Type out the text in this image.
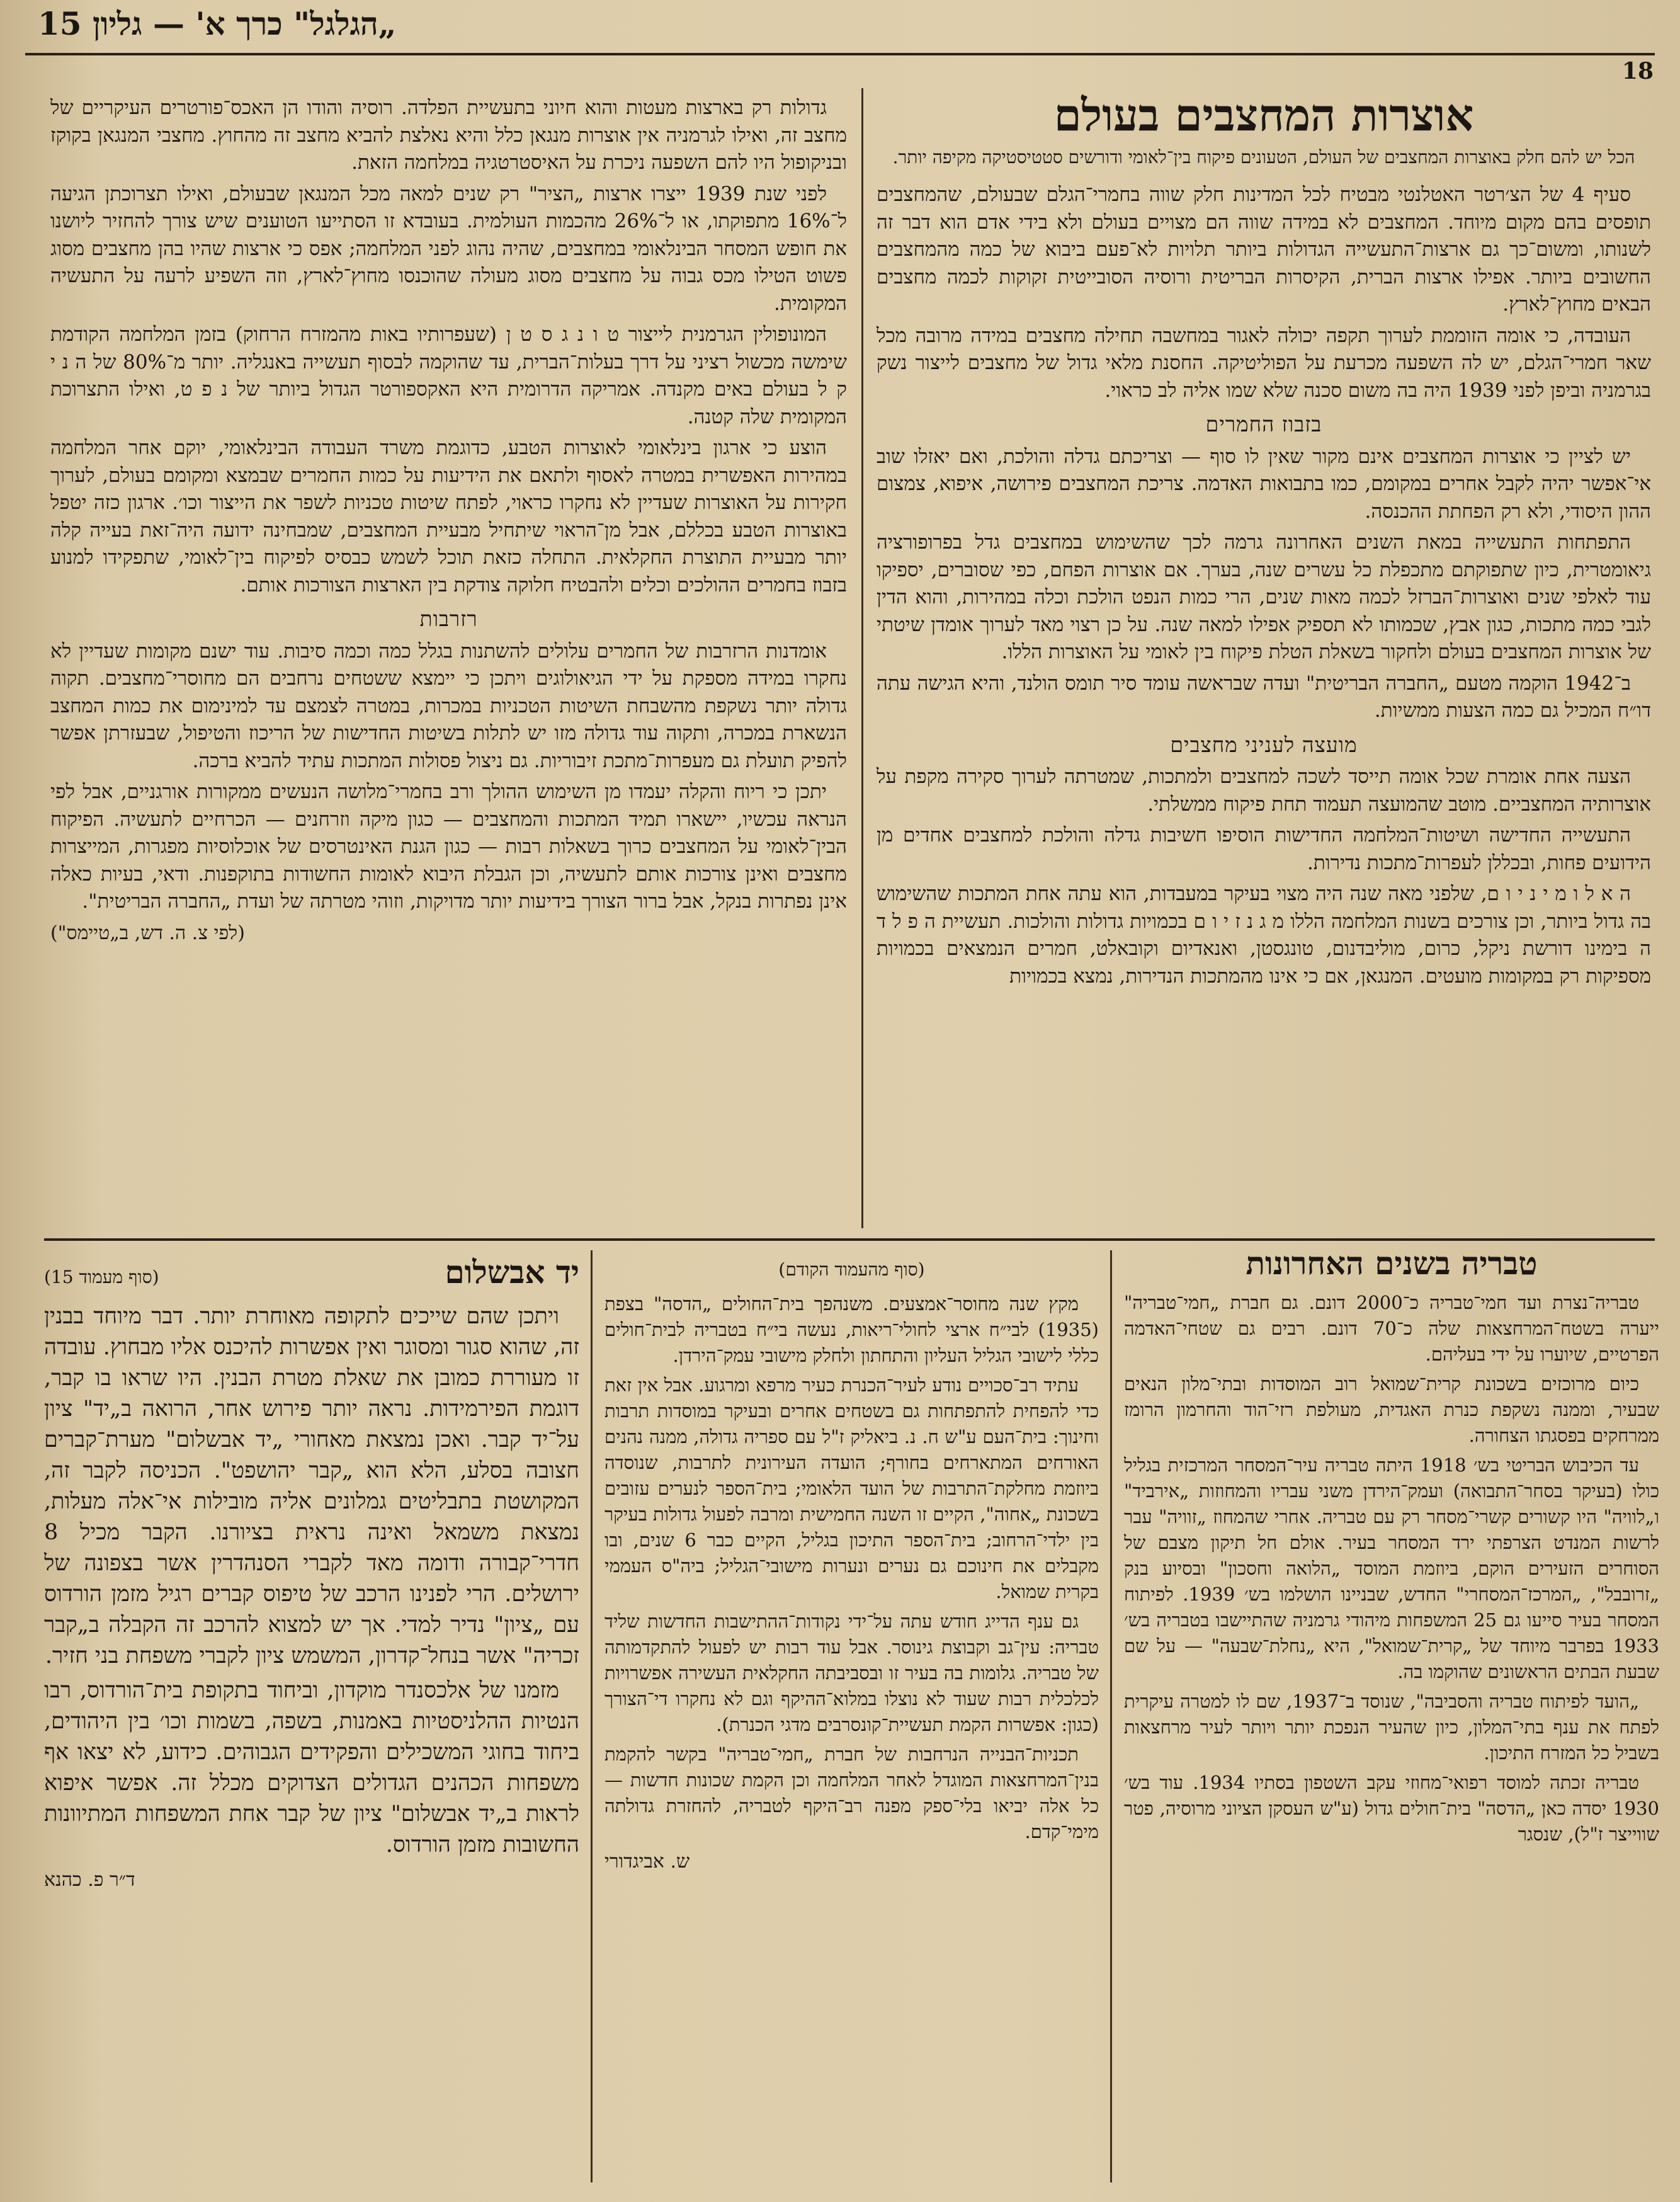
„הגלגל" כרך א' — גליון 15
18
אוצרות המחצבים בעולם
הכל יש להם חלק באוצרות המחצבים של העולם, הטעונים פיקוח בין־לאומי ודורשים סטטיסטיקה מקיפה יותר.

סעיף 4 של הצ׳רטר האטלנטי מבטיח לכל המדינות חלק שווה בחמרי־הגלם שבעולם, שהמחצבים תופסים בהם מקום מיוחד. המחצבים לא במידה שווה הם מצויים בעולם ולא בידי אדם הוא דבר זה לשנותו, ומשום־כך גם ארצות־התעשייה הגדולות ביותר תלויות לא־פעם ביבוא של כמה מהמחצבים החשובים ביותר. אפילו ארצות הברית, הקיסרות הבריטית ורוסיה הסובייטית זקוקות לכמה מחצבים הבאים מחוץ־לארץ.

העובדה, כי אומה הזוממת לערוך תקפה יכולה לאגור במחשבה תחילה מחצבים במידה מרובה מכל שאר חמרי־הגלם, יש לה השפעה מכרעת על הפוליטיקה. החסנת מלאי גדול של מחצבים לייצור נשק בגרמניה וביפן לפני 1939 היה בה משום סכנה שלא שמו אליה לב כראוי.

בזבוז החמרים

יש לציין כי אוצרות המחצבים אינם מקור שאין לו סוף — וצריכתם גדלה והולכת, ואם יאזלו שוב אי־אפשר יהיה לקבל אחרים במקומם, כמו בתבואות האדמה. צריכת המחצבים פירושה, איפוא, צמצום ההון היסודי, ולא רק הפחתת ההכנסה.

התפתחות התעשייה במאת השנים האחרונה גרמה לכך שהשימוש במחצבים גדל בפרופורציה גיאומטרית, כיון שתפוקתם מתכפלת כל עשרים שנה, בערך. אם אוצרות הפחם, כפי שסוברים, יספיקו עוד לאלפי שנים ואוצרות־הברזל לכמה מאות שנים, הרי כמות הנפט הולכת וכלה במהירות, והוא הדין לגבי כמה מתכות, כגון אבץ, שכמותו לא תספיק אפילו למאה שנה. על כן רצוי מאד לערוך אומדן שיטתי של אוצרות המחצבים בעולם ולחקור בשאלת הטלת פיקוח בין לאומי על האוצרות הללו.

ב־1942 הוקמה מטעם „החברה הבריטית" ועדה שבראשה עומד סיר תומס הולנד, והיא הגישה עתה דו״ח המכיל גם כמה הצעות ממשיות.

מועצה לעניני מחצבים

הצעה אחת אומרת שכל אומה תייסד לשכה למחצבים ולמתכות, שמטרתה לערוך סקירה מקפת על אוצרותיה המחצביים. מוטב שהמועצה תעמוד תחת פיקוח ממשלתי.

התעשייה החדישה ושיטות־המלחמה החדישות הוסיפו חשיבות גדלה והולכת למחצבים אחדים מן הידועים פחות, ובכללן לעפרות־מתכות נדירות.

ה א ל ו מ י נ י ו ם, שלפני מאה שנה היה מצוי בעיקר במעבדות, הוא עתה אחת המתכות שהשימוש בה גדול ביותר, וכן צורכים בשנות המלחמה הללו מ ג נ ז י ו ם בכמויות גדולות והולכות. תעשיית ה פ ל ד ה בימינו דורשת ניקל, כרום, מוליבדנום, טונגסטן, ואנאדיום וקובאלט, חמרים הנמצאים בכמויות מספיקות רק במקומות מועטים. המנגאן, אם כי אינו מהמתכות הנדירות, נמצא בכמויות

גדולות רק בארצות מעטות והוא חיוני בתעשיית הפלדה. רוסיה והודו הן האכס־פורטרים העיקריים של מחצב זה, ואילו לגרמניה אין אוצרות מנגאן כלל והיא נאלצת להביא מחצב זה מהחוץ. מחצבי המנגאן בקוקז ובניקופול היו להם השפעה ניכרת על האיסטרטגיה במלחמה הזאת.

לפני שנת 1939 ייצרו ארצות „הציר" רק שנים למאה מכל המנגאן שבעולם, ואילו תצרוכתן הגיעה ל־16% מתפוקתו, או ל־26% מהכמות העולמית. בעובדא זו הסתייעו הטוענים שיש צורך להחזיר ליושנו את חופש המסחר הבינלאומי במחצבים, שהיה נהוג לפני המלחמה; אפס כי ארצות שהיו בהן מחצבים מסוג פשוט הטילו מכס גבוה על מחצבים מסוג מעולה שהוכנסו מחוץ־לארץ, וזה השפיע לרעה על התעשיה המקומית.

המונופולין הגרמנית לייצור ט ו נ ג ס ט ן (שעפרותיו באות מהמזרח הרחוק) בזמן המלחמה הקודמת שימשה מכשול רציני על דרך בעלות־הברית, עד שהוקמה לבסוף תעשייה באנגליה. יותר מ־80% של ה נ י ק ל בעולם באים מקנדה. אמריקה הדרומית היא האקספורטר הגדול ביותר של נ פ ט, ואילו התצרוכת המקומית שלה קטנה.

הוצע כי ארגון בינלאומי לאוצרות הטבע, כדוגמת משרד העבודה הבינלאומי, יוקם אחר המלחמה במהירות האפשרית במטרה לאסוף ולתאם את הידיעות על כמות החמרים שבמצא ומקומם בעולם, לערוך חקירות על האוצרות שעדיין לא נחקרו כראוי, לפתח שיטות טכניות לשפר את הייצור וכו׳. ארגון כזה יטפל באוצרות הטבע בכללם, אבל מן־הראוי שיתחיל מבעיית המחצבים, שמבחינה ידועה היה־זאת בעייה קלה יותר מבעיית התוצרת החקלאית. התחלה כזאת תוכל לשמש כבסיס לפיקוח בין־לאומי, שתפקידו למנוע בזבוז בחמרים ההולכים וכלים ולהבטיח חלוקה צודקת בין הארצות הצורכות אותם.

רזרבות

אומדנות הרזרבות של החמרים עלולים להשתנות בגלל כמה וכמה סיבות. עוד ישנם מקומות שעדיין לא נחקרו במידה מספקת על ידי הגיאולוגים ויתכן כי יימצא ששטחים נרחבים הם מחוסרי־מחצבים. תקוה גדולה יותר נשקפת מהשבחת השיטות הטכניות במכרות, במטרה לצמצם עד למינימום את כמות המחצב הנשארת במכרה, ותקוה עוד גדולה מזו יש לתלות בשיטות החדישות של הריכוז והטיפול, שבעזרתן אפשר להפיק תועלת גם מעפרות־מתכת זיבוריות. גם ניצול פסולות המתכות עתיד להביא ברכה.

יתכן כי ריוח והקלה יעמדו מן השימוש ההולך ורב בחמרי־מלושה הנעשים ממקורות אורגניים, אבל לפי הנראה עכשיו, יישארו תמיד המתכות והמחצבים — כגון מיקה וזרחנים — הכרחיים לתעשיה. הפיקוח הבין־לאומי על המחצבים כרוך בשאלות רבות — כגון הגנת האינטרסים של אוכלוסיות מפגרות, המייצרות מחצבים ואינן צורכות אותם לתעשיה, וכן הגבלת היבוא לאומות החשודות בתוקפנות. ודאי, בעיות כאלה אינן נפתרות בנקל, אבל ברור הצורך בידיעות יותר מדויקות, וזוהי מטרתה של ועדת „החברה הבריטית".

(לפי צ. ה. דש, ב„טיימס")
טבריה בשנים האחרונות

טבריה־נצרת ועד חמי־טבריה כ־2000 דונם. גם חברת „חמי־טבריה" ייערה בשטח־המרחצאות שלה כ־70 דונם. רבים גם שטחי־האדמה הפרטיים, שיוערו על ידי בעליהם.

כיום מרוכזים בשכונת קרית־שמואל רוב המוסדות ובתי־מלון הנאים שבעיר, וממנה נשקפת כנרת האגדית, מעולפת רזי־הוד והחרמון הרומז ממרחקים בפסגתו הצחורה.

עד הכיבוש הבריטי בש׳ 1918 היתה טבריה עיר־המסחר המרכזית בגליל כולו (בעיקר בסחר־התבואה) ועמק־הירדן משני עבריו והמחוזות „אירביד" ו„לוויה" היו קשורים קשרי־מסחר רק עם טבריה. אחרי שהמחוז „זוויה" עבר לרשות המנדט הצרפתי ירד המסחר בעיר. אולם חל תיקון מצבם של הסוחרים הזעירים הוקם, ביוזמת המוסד „הלואה וחסכון" ובסיוע בנק „זרובבל", „המרכז־המסחרי" החדש, שבניינו הושלמו בש׳ 1939. לפיתוח המסחר בעיר סייעו גם 25 המשפחות מיהודי גרמניה שהתיישבו בטבריה בש׳ 1933 בפרבר מיוחד של „קרית־שמואל", היא „נחלת־שבעה" — על שם שבעת הבתים הראשונים שהוקמו בה.

„הועד לפיתוח טבריה והסביבה", שנוסד ב־1937, שם לו למטרה עיקרית לפתח את ענף בתי־המלון, כיון שהעיר הנפכת יותר ויותר לעיר מרחצאות בשביל כל המזרח התיכון.

טבריה זכתה למוסד רפואי־מחוזי עקב השטפון בסתיו 1934. עוד בש׳ 1930 יסדה כאן „הדסה" בית־חולים גדול (ע"ש העסקן הציוני מרוסיה, פטר שווייצר ז"ל), שנסגר

(סוף מהעמוד הקודם)

מקץ שנה מחוסר־אמצעים. משנהפך בית־החולים „הדסה" בצפת (1935) לבי״ח ארצי לחולי־ריאות, נעשה בי״ח בטבריה לבית־חולים כללי לישובי הגליל העליון והתחתון ולחלק מישובי עמק־הירדן.

עתיד רב־סכויים נודע לעיר־הכנרת כעיר מרפא ומרגוע. אבל אין זאת כדי להפחית להתפתחות גם בשטחים אחרים ובעיקר במוסדות תרבות וחינוך: בית־העם ע"ש ח. נ. ביאליק ז"ל עם ספריה גדולה, ממנה נהנים האורחים המתארחים בחורף; הועדה העירונית לתרבות, שנוסדה ביוזמת מחלקת־התרבות של הועד הלאומי; בית־הספר לנערים עזובים בשכונת „אחוה", הקיים זו השנה החמישית ומרבה לפעול גדולות בעיקר בין ילדי־הרחוב; בית־הספר התיכון בגליל, הקיים כבר 6 שנים, ובו מקבלים את חינוכם גם נערים ונערות מישובי־הגליל; ביה"ס העממי בקרית שמואל.

גם ענף הדייג חודש עתה על־ידי נקודות־ההתישבות החדשות שליד טבריה: עין־גב וקבוצת גינוסר. אבל עוד רבות יש לפעול להתקדמותה של טבריה. גלומות בה בעיר זו ובסביבתה החקלאית העשירה אפשרויות לכלכלית רבות שעוד לא נוצלו במלוא־ההיקף וגם לא נחקרו די־הצורך (כגון: אפשרות הקמת תעשיית־קונסרבים מדגי הכנרת).

תכניות־הבנייה הנרחבות של חברת „חמי־טבריה" בקשר להקמת בנין־המרחצאות המוגדל לאחר המלחמה וכן הקמת שכונות חדשות — כל אלה יביאו בלי־ספק מפנה רב־היקף לטבריה, להחזרת גדולתה מימי־קדם.

ש. אביגדורי
יד אבשלום
(סוף מעמוד 15)

ויתכן שהם שייכים לתקופה מאוחרת יותר. דבר מיוחד בבנין זה, שהוא סגור ומסוגר ואין אפשרות להיכנס אליו מבחוץ. עובדה זו מעוררת כמובן את שאלת מטרת הבנין. היו שראו בו קבר, דוגמת הפירמידות. נראה יותר פירוש אחר, הרואה ב„יד" ציון על־יד קבר. ואכן נמצאת מאחורי „יד אבשלום" מערת־קברים חצובה בסלע, הלא הוא „קבר יהושפט". הכניסה לקבר זה, המקושטת בתבליטים גמלונים אליה מובילות אי־אלה מעלות, נמצאת משמאל ואינה נראית בציורנו. הקבר מכיל 8 חדרי־קבורה ודומה מאד לקברי הסנהדרין אשר בצפונה של ירושלים. הרי לפנינו הרכב של טיפוס קברים רגיל מזמן הורדוס עם „ציון" נדיר למדי. אך יש למצוא להרכב זה הקבלה ב„קבר זכריה" אשר בנחל־קדרון, המשמש ציון לקברי משפחת בני חזיר.

מזמנו של אלכסנדר מוקדון, וביחוד בתקופת בית־הורדוס, רבו הנטיות ההלניסטיות באמנות, בשפה, בשמות וכו׳ בין היהודים, ביחוד בחוגי המשכילים והפקידים הגבוהים. כידוע, לא יצאו אף משפחות הכהנים הגדולים הצדוקים מכלל זה. אפשר איפוא לראות ב„יד אבשלום" ציון של קבר אחת המשפחות המתיוונות החשובות מזמן הורדוס.

ד״ר פ. כהנא
